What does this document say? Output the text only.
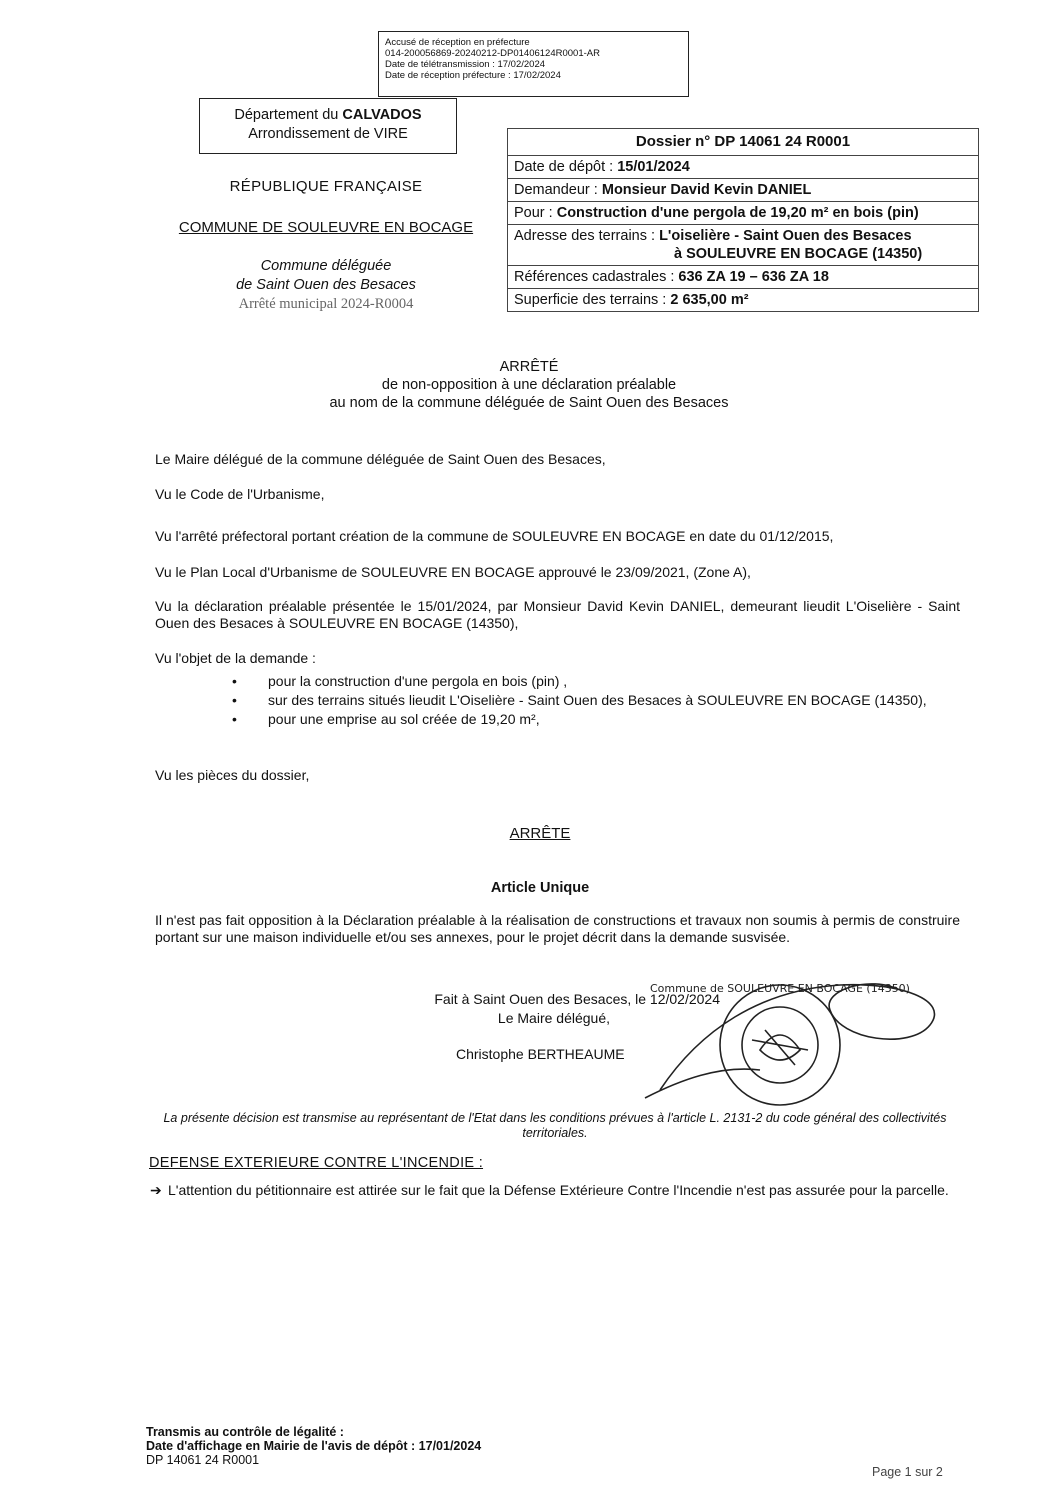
Accusé de réception en préfecture
014-200056869-20240212-DP01406124R0001-AR
Date de télétransmission : 17/02/2024
Date de réception préfecture : 17/02/2024
Département du CALVADOS
Arrondissement de VIRE
RÉPUBLIQUE FRANÇAISE
COMMUNE DE SOULEUVRE EN BOCAGE
Commune déléguée
de Saint Ouen des Besaces
Arrêté municipal 2024-R0004
Dossier n° DP 14061 24 R0001
Date de dépôt : 15/01/2024
Demandeur : Monsieur David Kevin DANIEL
Pour : Construction d'une pergola de 19,20 m² en bois (pin)
Adresse des terrains : L'oiselière - Saint Ouen des Besaces
à SOULEUVRE EN BOCAGE (14350)

Références cadastrales : 636 ZA 19 – 636 ZA 18
Superficie des terrains : 2 635,00 m²
ARRÊTÉ
de non-opposition à une déclaration préalable
au nom de la commune déléguée de Saint Ouen des Besaces
Le Maire délégué de la commune déléguée de Saint Ouen des Besaces,
Vu le Code de l'Urbanisme,
Vu l'arrêté préfectoral portant création de la commune de SOULEUVRE EN BOCAGE en date du 01/12/2015,
Vu le Plan Local d'Urbanisme de SOULEUVRE EN BOCAGE approuvé le 23/09/2021, (Zone A),
Vu la déclaration préalable présentée le 15/01/2024, par Monsieur David Kevin DANIEL, demeurant lieudit L'Oiselière - Saint Ouen des Besaces à SOULEUVRE EN BOCAGE (14350),
Vu l'objet de la demande :
• pour la construction d'une pergola en bois (pin) ,
• sur des terrains situés lieudit L'Oiselière - Saint Ouen des Besaces à SOULEUVRE EN BOCAGE (14350),
• pour une emprise au sol créée de 19,20 m²,
Vu les pièces du dossier,
ARRÊTE
Article Unique
Il n'est pas fait opposition à la Déclaration préalable à la réalisation de constructions et travaux non soumis à permis de construire portant sur une maison individuelle et/ou ses annexes, pour le projet décrit dans la demande susvisée.
Fait à Saint Ouen des Besaces, le 12/02/2024
Le Maire délégué,
Christophe BERTHEAUME
Commune de SOULEUVRE EN BOCAGE (14350)
La présente décision est transmise au représentant de l'Etat dans les conditions prévues à l'article L. 2131-2 du code général des collectivités territoriales.
DEFENSE EXTERIEURE CONTRE L'INCENDIE :
➔ L'attention du pétitionnaire est attirée sur le fait que la Défense Extérieure Contre l'Incendie n'est pas assurée pour la parcelle.
Transmis au contrôle de légalité :
Date d'affichage en Mairie de l'avis de dépôt : 17/01/2024
DP 14061 24 R0001
Page 1 sur 2
